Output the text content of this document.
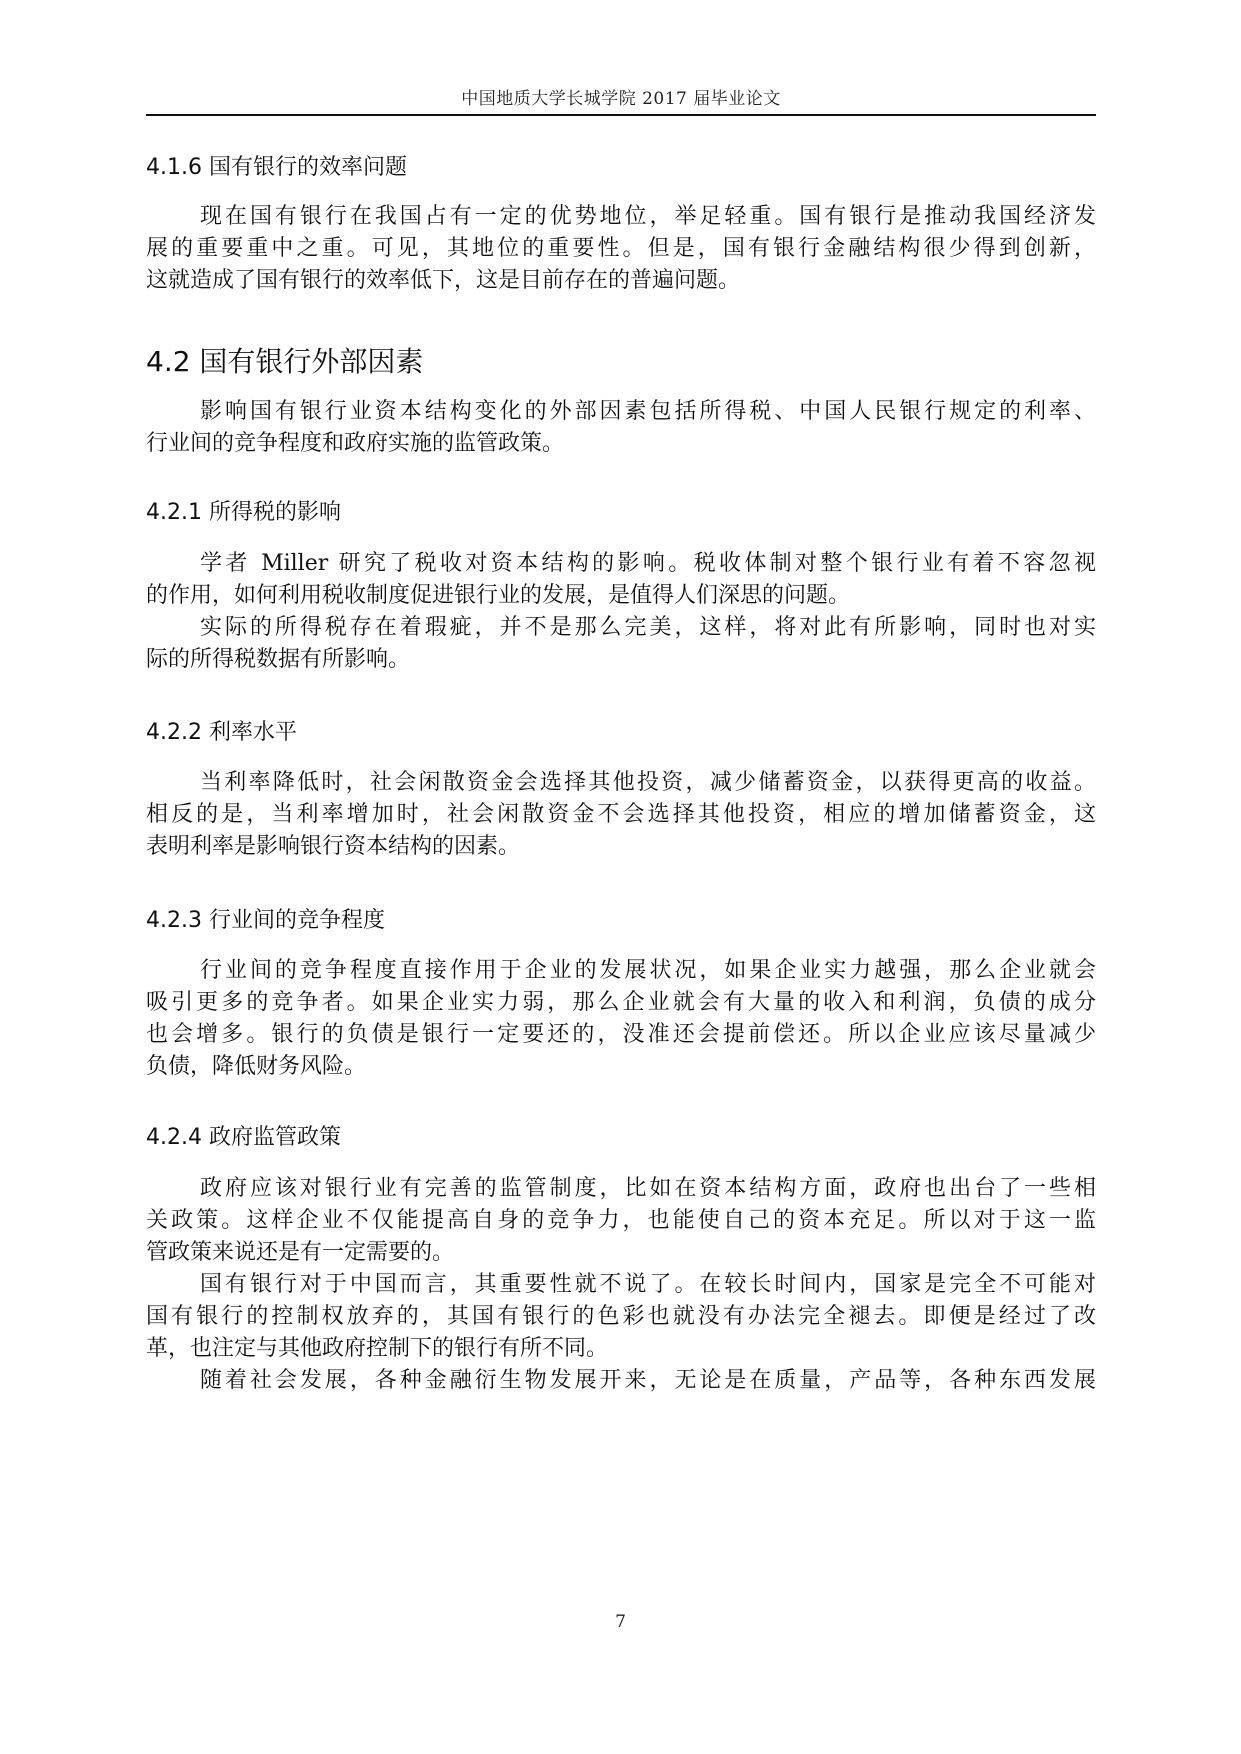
中国地质大学长城学院 2017 届毕业论文
4.1.6 国有银行的效率问题
现在国有银行在我国占有一定的优势地位，举足轻重。国有银行是推动我国经济发
展的重要重中之重。可见，其地位的重要性。但是，国有银行金融结构很少得到创新，
这就造成了国有银行的效率低下，这是目前存在的普遍问题。
4.2 国有银行外部因素
影响国有银行业资本结构变化的外部因素包括所得税、中国人民银行规定的利率、
行业间的竞争程度和政府实施的监管政策。
4.2.1 所得税的影响
学者 Miller 研究了税收对资本结构的影响。税收体制对整个银行业有着不容忽视
的作用，如何利用税收制度促进银行业的发展，是值得人们深思的问题。
实际的所得税存在着瑕疵，并不是那么完美，这样，将对此有所影响，同时也对实
际的所得税数据有所影响。
4.2.2 利率水平
当利率降低时，社会闲散资金会选择其他投资，减少储蓄资金，以获得更高的收益。
相反的是，当利率增加时，社会闲散资金不会选择其他投资，相应的增加储蓄资金，这
表明利率是影响银行资本结构的因素。
4.2.3 行业间的竞争程度
行业间的竞争程度直接作用于企业的发展状况，如果企业实力越强，那么企业就会
吸引更多的竞争者。如果企业实力弱，那么企业就会有大量的收入和利润，负债的成分
也会增多。银行的负债是银行一定要还的，没准还会提前偿还。所以企业应该尽量减少
负债，降低财务风险。
4.2.4 政府监管政策
政府应该对银行业有完善的监管制度，比如在资本结构方面，政府也出台了一些相
关政策。这样企业不仅能提高自身的竞争力，也能使自己的资本充足。所以对于这一监
管政策来说还是有一定需要的。
国有银行对于中国而言，其重要性就不说了。在较长时间内，国家是完全不可能对
国有银行的控制权放弃的，其国有银行的色彩也就没有办法完全褪去。即便是经过了改
革，也注定与其他政府控制下的银行有所不同。
随着社会发展，各种金融衍生物发展开来，无论是在质量，产品等，各种东西发展
7
